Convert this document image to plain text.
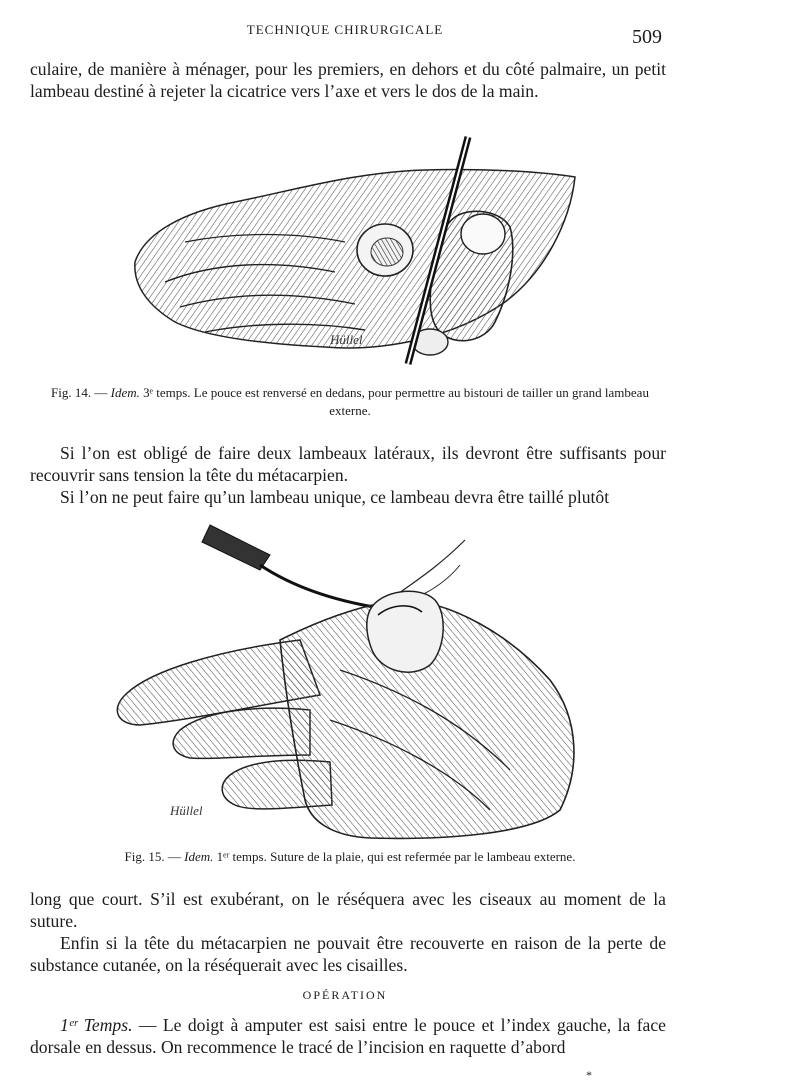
TECHNIQUE CHIRURGICALE	509

culaire, de manière à ménager, pour les premiers, en dehors et du côté palmaire, un petit lambeau destiné à rejeter la cicatrice vers l’axe et vers le dos de la main.

Hüllel
Fig. 14. — Idem. 3ᵉ temps. Le pouce est renversé en dedans, pour permettre au bistouri de tailler un grand lambeau externe.

Si l’on est obligé de faire deux lambeaux latéraux, ils devront être suffisants pour recouvrir sans tension la tête du métacarpien.

Si l’on ne peut faire qu’un lambeau unique, ce lambeau devra être taillé plutôt

Hüllel
Fig. 15. — Idem. 1ᵉʳ temps. Suture de la plaie, qui est refermée par le lambeau externe.

long que court. S’il est exubérant, on le réséquera avec les ciseaux au moment de la suture.

Enfin si la tête du métacarpien ne pouvait être recouverte en raison de la perte de substance cutanée, on la réséquerait avec les cisailles.

OPÉRATION

1ᵉʳ Temps. — Le doigt à amputer est saisi entre le pouce et l’index gauche, la face dorsale en dessus. On recommence le tracé de l’incision en raquette d’abord

*
